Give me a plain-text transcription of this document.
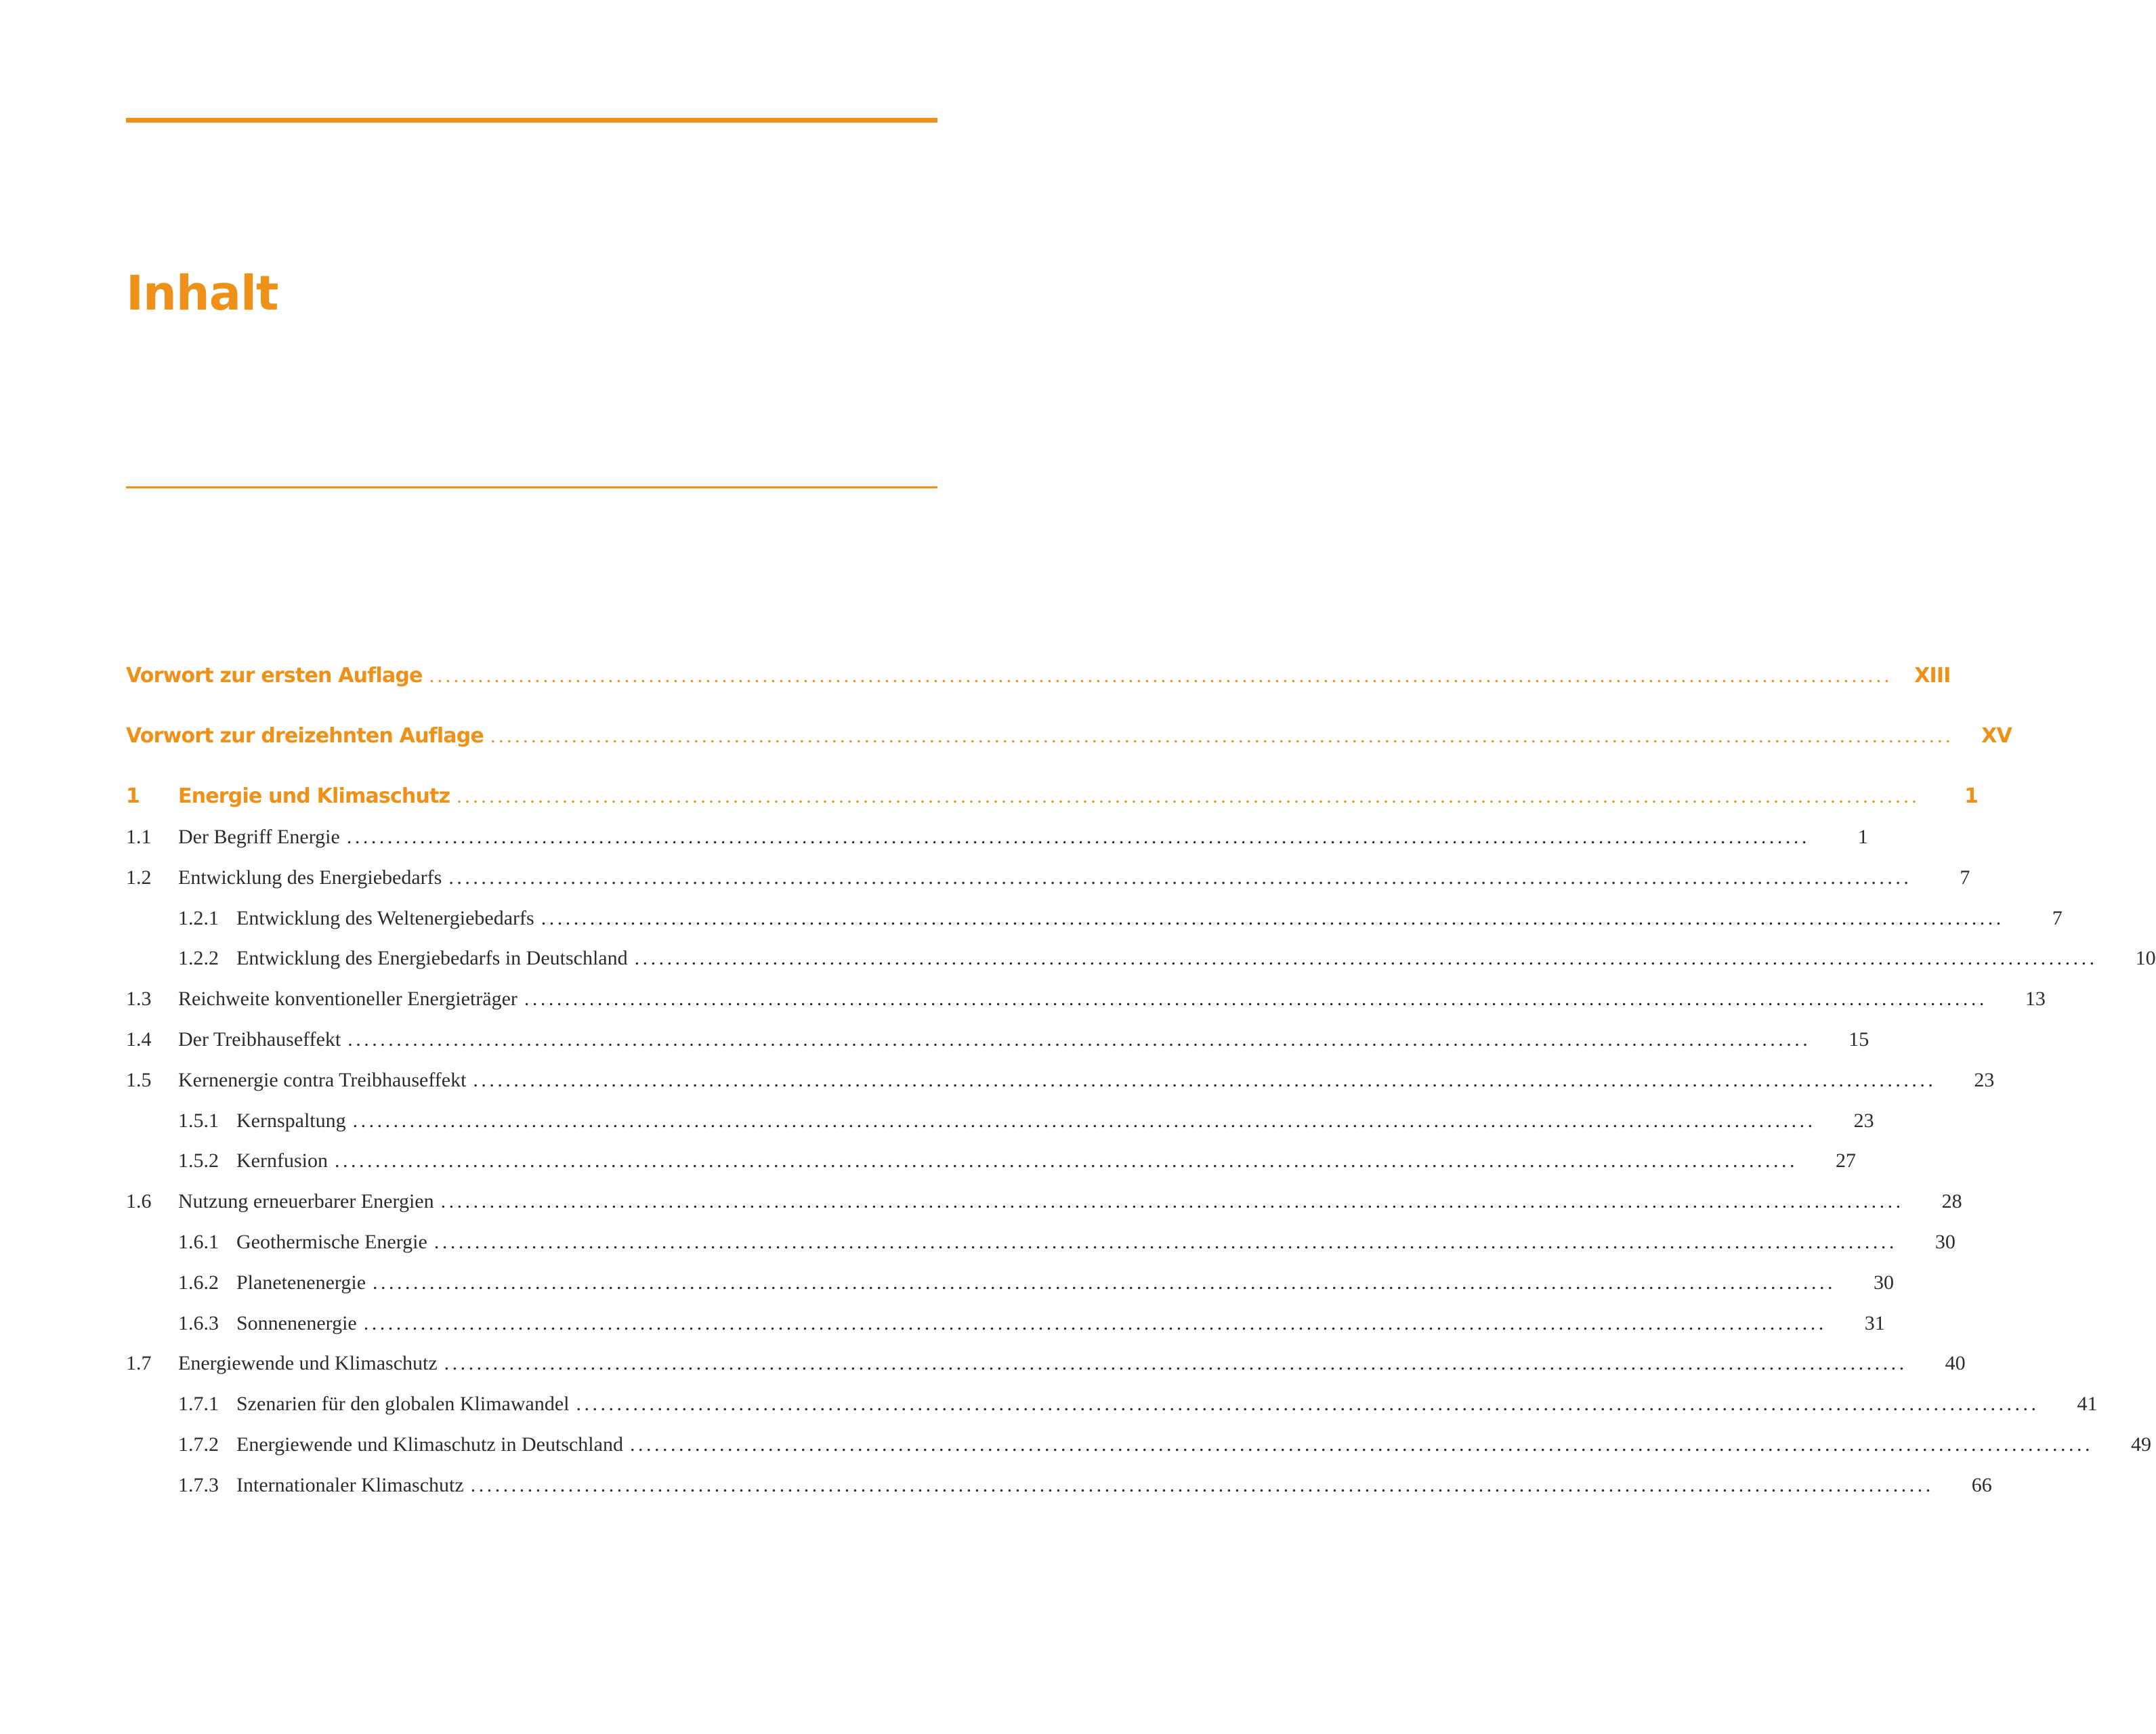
Inhalt
Vorwort zur ersten Auflage ....................................................................................................................................................................................	XIII
Vorwort zur dreizehnten Auflage ....................................................................................................................................................................................	XV
1	Energie und Klimaschutz ....................................................................................................................................................................................	1
1.1	Der Begriff Energie ....................................................................................................................................................................................	1
1.2	Entwicklung des Energiebedarfs ....................................................................................................................................................................................	7
1.2.1 Entwicklung des Weltenergiebedarfs ....................................................................................................................................................................................	7
1.2.2 Entwicklung des Energiebedarfs in Deutschland ....................................................................................................................................................................................	10
1.3	Reichweite konventioneller Energieträger ....................................................................................................................................................................................	13
1.4	Der Treibhauseffekt ....................................................................................................................................................................................	15
1.5	Kernenergie contra Treibhauseffekt ....................................................................................................................................................................................	23
1.5.1 Kernspaltung ....................................................................................................................................................................................	23
1.5.2 Kernfusion ....................................................................................................................................................................................	27
1.6	Nutzung erneuerbarer Energien ....................................................................................................................................................................................	28
1.6.1 Geothermische Energie ....................................................................................................................................................................................	30
1.6.2 Planetenenergie ....................................................................................................................................................................................	30
1.6.3 Sonnenenergie ....................................................................................................................................................................................	31
1.7	Energiewende und Klimaschutz ....................................................................................................................................................................................	40
1.7.1 Szenarien für den globalen Klimawandel ....................................................................................................................................................................................	41
1.7.2 Energiewende und Klimaschutz in Deutschland ....................................................................................................................................................................................	49
1.7.3 Internationaler Klimaschutz ....................................................................................................................................................................................	66
